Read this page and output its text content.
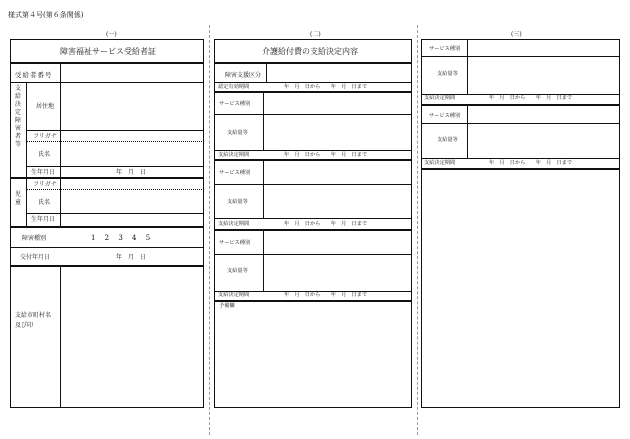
様式第４号(第６条関係)
(一)	(二)	(三)
障害福祉サービス受給者証
受給者番号
支
給
決
定
障
害
者
等
居住地
フリガナ
氏名
生年月日	年　月　日
児
童
フリガナ
氏名
生年月日
障害種別	1　 2　 3　 4　 5
交付年月日	年　月　日
支給市町村名
及び印
介護給付費の支給決定内容
障害支援区分
認定有効期間	年　月　日から　　年　月　日まで
サービス種別
支給量等
支給決定期間	年　月　日から　　年　月　日まで
サービス種別
支給量等
支給決定期間	年　月　日から　　年　月　日まで
サービス種別
支給量等
支給決定期間	年　月　日から　　年　月　日まで
予備欄
サービス種別
支給量等
支給決定期間	年　月　日から　　年　月　日まで
サービス種別
支給量等
支給決定期間	年　月　日から　　年　月　日まで
